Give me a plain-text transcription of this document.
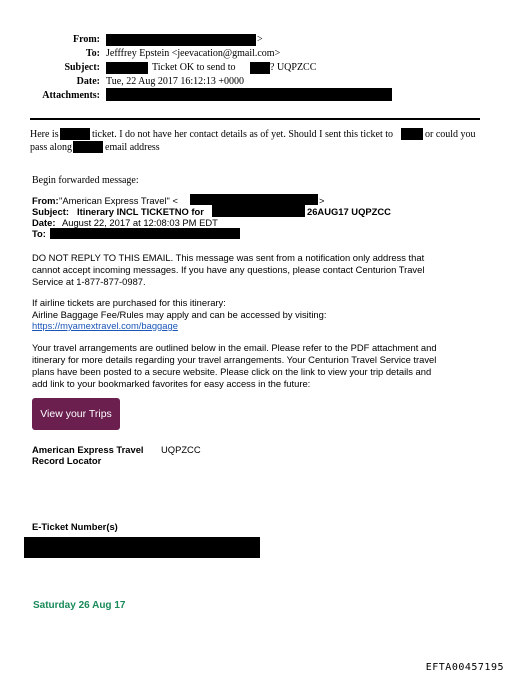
From:	>
To: Jefffrey Epstein <jeevacation@gmail.com>
Subject:	Ticket OK to send to	? UQPZCC
Date: Tue, 22 Aug 2017 16:12:13 +0000
Attachments:
Here is	ticket. I do not have her contact details as of yet. Should I sent this ticket to	or could you
pass along	email address
Begin forwarded message:
From: "American Express Travel" <	>
Subject: Itinerary INCL TICKETNO for	26AUG17 UQPZCC
Date: August 22, 2017 at 12:08:03 PM EDT
To:
DO NOT REPLY TO THIS EMAIL. This message was sent from a notification only address that
cannot accept incoming messages. If you have any questions, please contact Centurion Travel
Service at 1-877-877-0987.
If airline tickets are purchased for this itinerary:
Airline Baggage Fee/Rules may apply and can be accessed by visiting:
https://myamextravel.com/baggage
Your travel arrangements are outlined below in the email. Please refer to the PDF attachment and
itinerary for more details regarding your travel arrangements. Your Centurion Travel Service travel
plans have been posted to a secure website. Please click on the link to view your trip details and
add link to your bookmarked favorites for easy access in the future:
View your Trips
American Express Travel UQPZCC
Record Locator
E-Ticket Number(s)
Saturday 26 Aug 17
EFTA00457195
